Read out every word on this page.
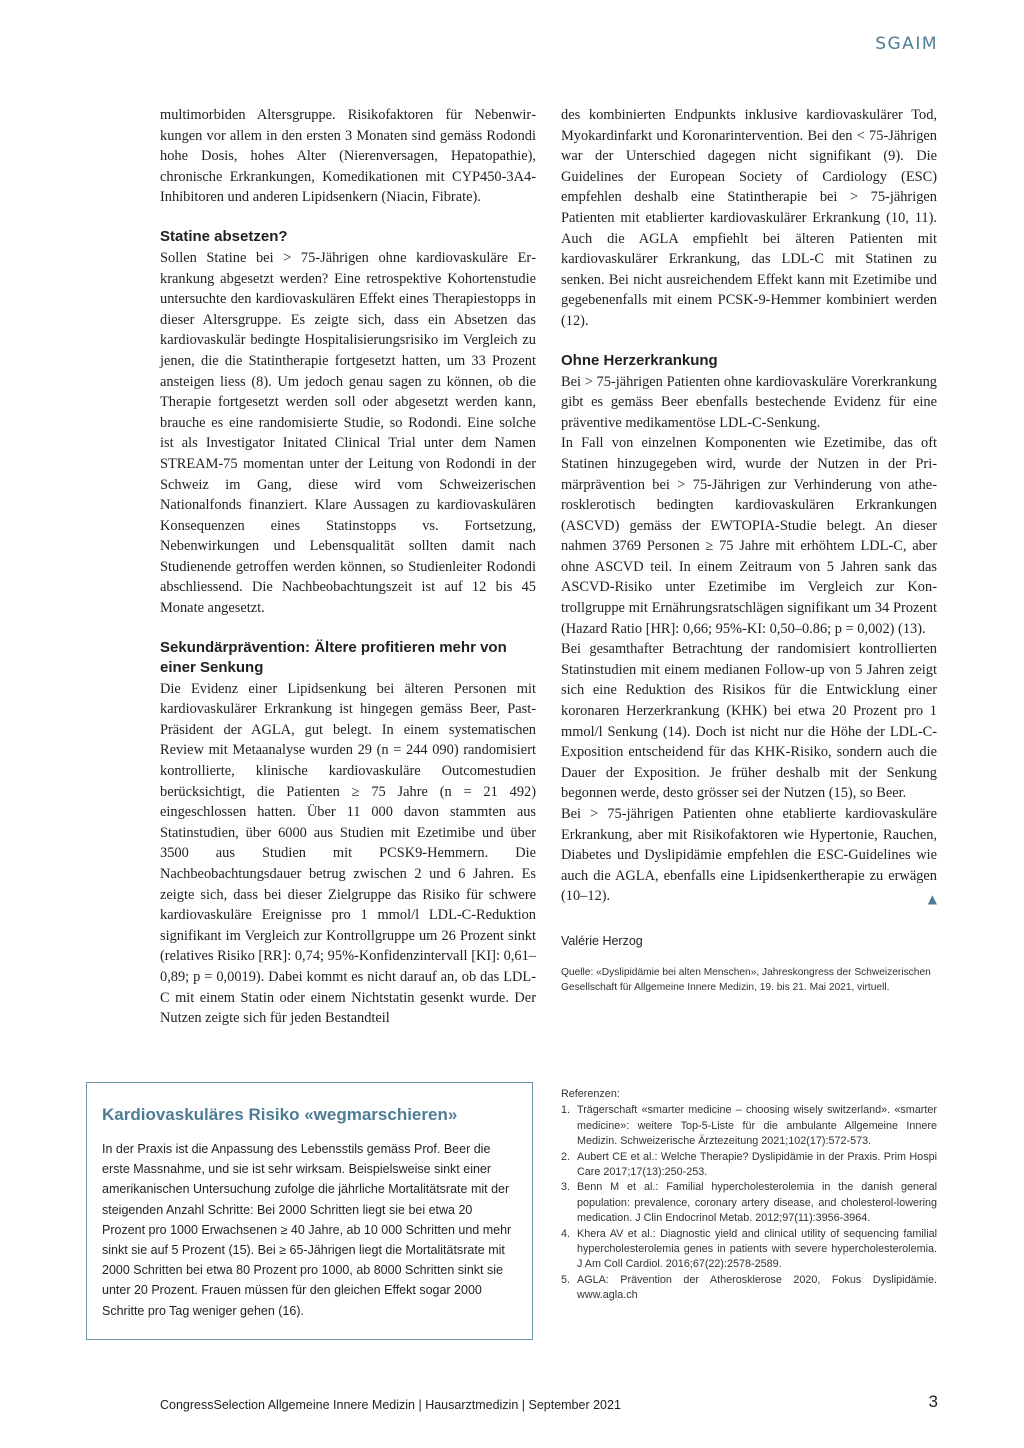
SGAIM

multimorbiden Altersgruppe. Risikofaktoren für Nebenwirkungen vor allem in den ersten 3 Monaten sind gemäss Rodondi hohe Dosis, hohes Alter (Nierenversagen, Hepatopathie), chronische Erkrankungen, Komedikationen mit CYP450-3A4-Inhibitoren und anderen Lipidsenkern (Niacin, Fibrate).

Statine absetzen?

Sollen Statine bei > 75-Jährigen ohne kardiovaskuläre Erkrankung abgesetzt werden? Eine retrospektive Kohortenstudie untersuchte den kardiovaskulären Effekt eines Therapiestopps in dieser Altersgruppe. Es zeigte sich, dass ein Absetzen das kardiovaskulär bedingte Hospitalisierungsrisiko im Vergleich zu jenen, die die Statintherapie fortgesetzt hatten, um 33 Prozent ansteigen liess (8). Um jedoch genau sagen zu können, ob die Therapie fortgesetzt werden soll oder abgesetzt werden kann, brauche es eine randomisierte Studie, so Rodondi. Eine solche ist als Investigator Initated Clinical Trial unter dem Namen STREAM-75 momentan unter der Leitung von Rodondi in der Schweiz im Gang, diese wird vom Schweizerischen Nationalfonds finanziert. Klare Aussagen zu kardiovaskulären Konsequenzen eines Statinstopps vs. Fortsetzung, Nebenwirkungen und Lebensqualität sollten damit nach Studienende getroffen werden können, so Studienleiter Rodondi abschliessend. Die Nachbeobachtungszeit ist auf 12 bis 45 Monate angesetzt.

Sekundärprävention: Ältere profitieren mehr von einer Senkung

Die Evidenz einer Lipidsenkung bei älteren Personen mit kardiovaskulärer Erkrankung ist hingegen gemäss Beer, Past-Präsident der AGLA, gut belegt. In einem systematischen Review mit Metaanalyse wurden 29 (n = 244 090) randomisiert kontrollierte, klinische kardiovaskuläre Outcomestudien berücksichtigt, die Patienten ≥ 75 Jahre (n = 21 492) eingeschlossen hatten. Über 11 000 davon stammten aus Statinstudien, über 6000 aus Studien mit Ezetimibe und über 3500 aus Studien mit PCSK9-Hemmern. Die Nachbeobachtungsdauer betrug zwischen 2 und 6 Jahren. Es zeigte sich, dass bei dieser Zielgruppe das Risiko für schwere kardiovaskuläre Ereignisse pro 1 mmol/l LDL-C-Reduktion signifikant im Vergleich zur Kontrollgruppe um 26 Prozent sinkt (relatives Risiko [RR]: 0,74; 95%-Konfidenzintervall [KI]: 0,61–0,89; p = 0,0019). Dabei kommt es nicht darauf an, ob das LDL-C mit einem Statin oder einem Nichtstatin gesenkt wurde. Der Nutzen zeigte sich für jeden Bestandteil

des kombinierten Endpunkts inklusive kardiovaskulärer Tod, Myokardinfarkt und Koronarintervention. Bei den < 75-Jährigen war der Unterschied dagegen nicht signifikant (9). Die Guidelines der European Society of Cardiology (ESC) empfehlen deshalb eine Statintherapie bei > 75-jährigen Patienten mit etablierter kardiovaskulärer Erkrankung (10, 11). Auch die AGLA empfiehlt bei älteren Patienten mit kardiovaskulärer Erkrankung, das LDL-C mit Statinen zu senken. Bei nicht ausreichendem Effekt kann mit Ezetimibe und gegebenenfalls mit einem PCSK-9-Hemmer kombiniert werden (12).

Ohne Herzerkrankung

Bei > 75-jährigen Patienten ohne kardiovaskuläre Vorerkrankung gibt es gemäss Beer ebenfalls bestechende Evidenz für eine präventive medikamentöse LDL-C-Senkung.

In Fall von einzelnen Komponenten wie Ezetimibe, das oft Statinen hinzugegeben wird, wurde der Nutzen in der Primärprävention bei > 75-Jährigen zur Verhinderung von atherosklerotisch bedingten kardiovaskulären Erkrankungen (ASCVD) gemäss der EWTOPIA-Studie belegt. An dieser nahmen 3769 Personen ≥ 75 Jahre mit erhöhtem LDL-C, aber ohne ASCVD teil. In einem Zeitraum von 5 Jahren sank das ASCVD-Risiko unter Ezetimibe im Vergleich zur Kontrollgruppe mit Ernährungsratschlägen signifikant um 34 Prozent (Hazard Ratio [HR]: 0,66; 95%-KI: 0,50–0.86; p = 0,002) (13).

Bei gesamthafter Betrachtung der randomisiert kontrollierten Statinstudien mit einem medianen Follow-up von 5 Jahren zeigt sich eine Reduktion des Risikos für die Entwicklung einer koronaren Herzerkrankung (KHK) bei etwa 20 Prozent pro 1 mmol/l Senkung (14). Doch ist nicht nur die Höhe der LDL-C-Exposition entscheidend für das KHK-Risiko, sondern auch die Dauer der Exposition. Je früher deshalb mit der Senkung begonnen werde, desto grösser sei der Nutzen (15), so Beer.

Bei > 75-jährigen Patienten ohne etablierte kardiovaskuläre Erkrankung, aber mit Risikofaktoren wie Hypertonie, Rauchen, Diabetes und Dyslipidämie empfehlen die ESC-Guidelines wie auch die AGLA, ebenfalls eine Lipidsenkertherapie zu erwägen (10–12).	▲

Valérie Herzog

Quelle: «Dyslipidämie bei alten Menschen», Jahreskongress der Schweizerischen Gesellschaft für Allgemeine Innere Medizin, 19. bis 21. Mai 2021, virtuell.

Kardiovaskuläres Risiko «wegmarschieren»

In der Praxis ist die Anpassung des Lebensstils gemäss Prof. Beer die erste Massnahme, und sie ist sehr wirksam. Beispielsweise sinkt einer amerikanischen Untersuchung zufolge die jährliche Mortalitätsrate mit der steigenden Anzahl Schritte: Bei 2000 Schritten liegt sie bei etwa 20 Prozent pro 1000 Erwachsenen ≥ 40 Jahre, ab 10 000 Schritten und mehr sinkt sie auf 5 Prozent (15). Bei ≥ 65-Jährigen liegt die Mortalitätsrate mit 2000 Schritten bei etwa 80 Prozent pro 1000, ab 8000 Schritten sinkt sie unter 20 Prozent. Frauen müssen für den gleichen Effekt sogar 2000 Schritte pro Tag weniger gehen (16).

Referenzen:
1. Trägerschaft «smarter medicine – choosing wisely switzerland». «smarter medicine»: weitere Top-5-Liste für die ambulante Allgemeine Innere Medizin. Schweizerische Ärztezeitung 2021;102(17):572-573.
2. Aubert CE et al.: Welche Therapie? Dyslipidämie in der Praxis. Prim Hospi Care 2017;17(13):250-253.
3. Benn M et al.: Familial hypercholesterolemia in the danish general population: prevalence, coronary artery disease, and cholesterol-lowering medication. J Clin Endocrinol Metab. 2012;97(11):3956-3964.
4. Khera AV et al.: Diagnostic yield and clinical utility of sequencing familial hypercholesterolemia genes in patients with severe hypercholesterolemia. J Am Coll Cardiol. 2016;67(22):2578-2589.
5. AGLA: Prävention der Atherosklerose 2020, Fokus Dyslipidämie. www.agla.ch
CongressSelection Allgemeine Innere Medizin | Hausarztmedizin | September 2021	3
